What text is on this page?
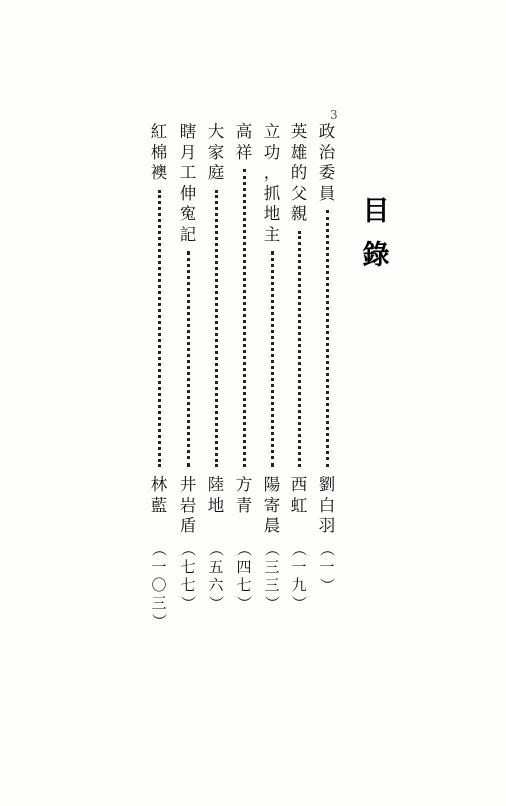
3
目
錄
政
治
委
員
劉
白
羽
（
一
）
英
雄
的
父
親
西
虹
（
一
九
）
立
功
，
抓
地
主
陽
寄
晨
（
三
三
）
高
祥
方
青
（
四
七
）
大
家
庭
陸
地
（
五
六
）
瞎
月
工
伸
寃
記
井
岩
盾
（
七
七
）
紅
棉
襖
林
藍
（
一
〇
三
）
